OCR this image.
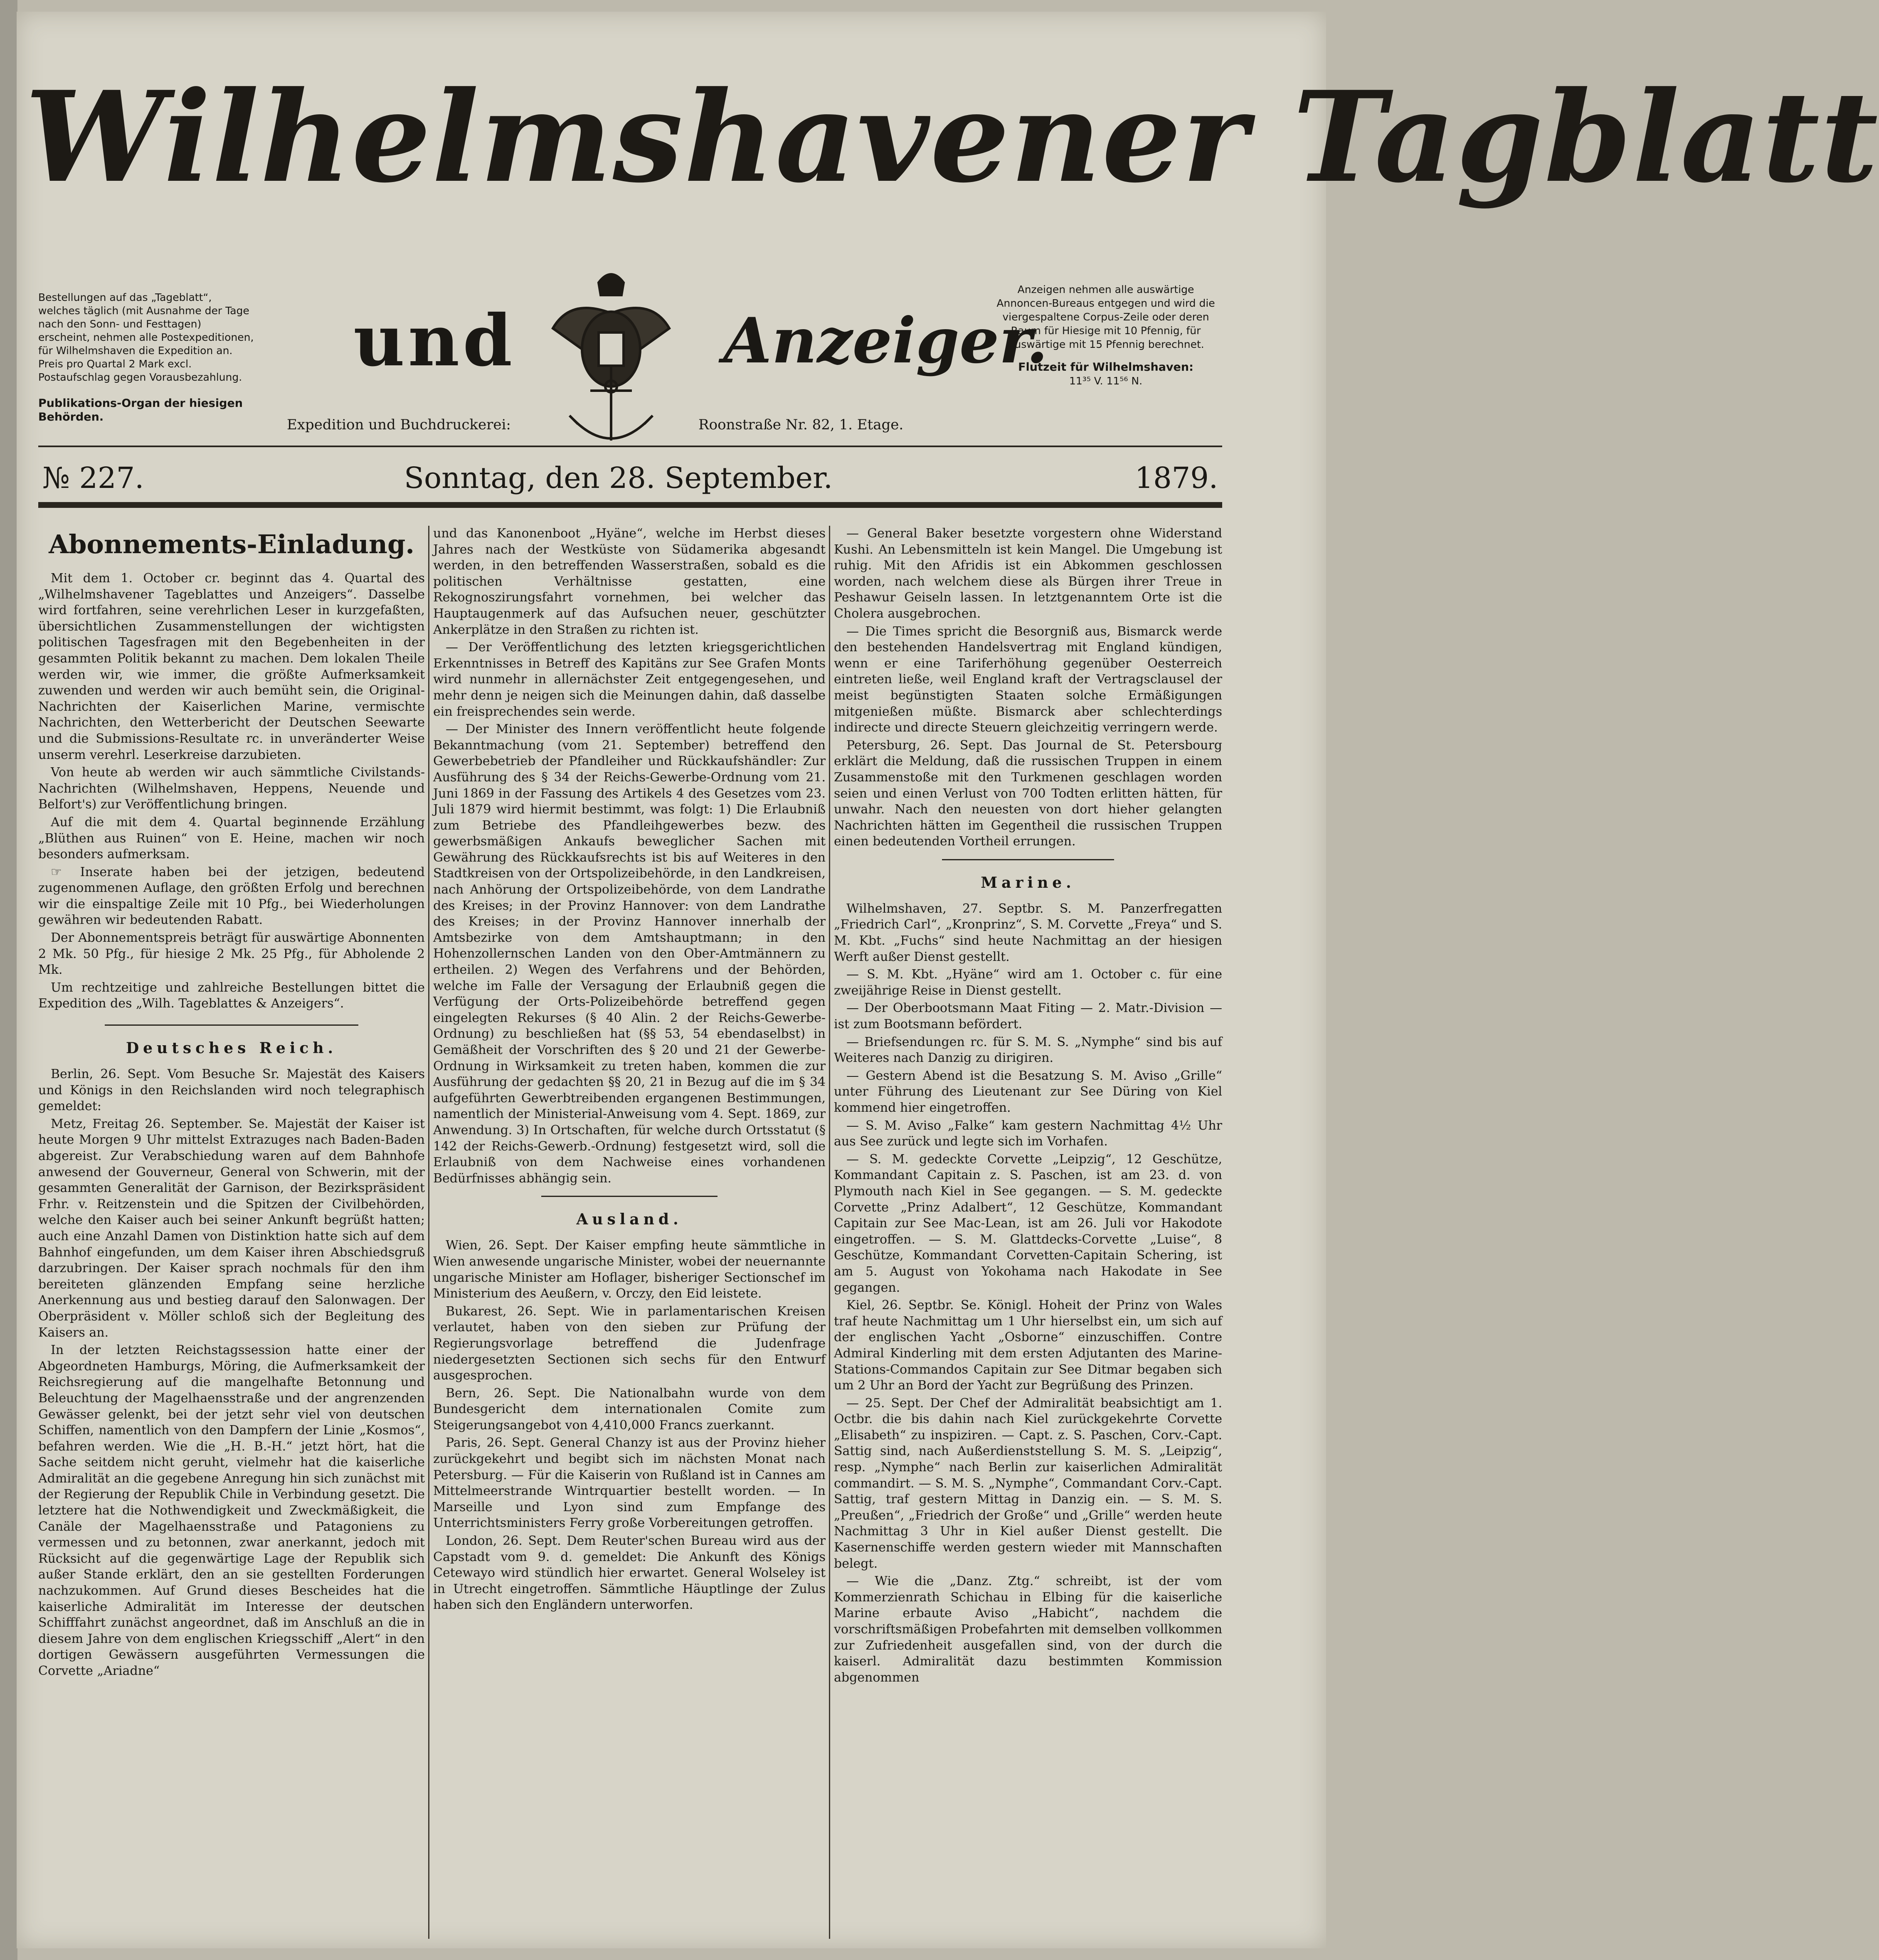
Wilhelmshavener Tagblatt
Bestellungen auf das „Tageblatt“, welches täglich (mit Ausnahme der Tage nach den Sonn- und Festtagen) erscheint, nehmen alle Postexpeditionen, für Wilhelmshaven die Expedition an. Preis pro Quartal 2 Mark excl. Postaufschlag gegen Vorausbezahlung.
Publikations-Organ der hiesigen Behörden.
und	Anzeiger.
Anzeigen nehmen alle auswärtige Annoncen-Bureaus entgegen und wird die viergespaltene Corpus-Zeile oder deren Raum für Hiesige mit 10 Pfennig, für Auswärtige mit 15 Pfennig berechnet.
Flutzeit für Wilhelmshaven:
11³⁵ V. 11⁵⁶ N.
Expedition und Buchdruckerei:	Roonstraße Nr. 82, 1. Etage.
№ 227.	Sonntag, den 28. September.	1879.
Abonnements-Einladung.

Mit dem 1. October cr. beginnt das 4. Quartal des „Wilhelmshavener Tageblattes und Anzeigers“. Dasselbe wird fortfahren, seine verehrlichen Leser in kurzgefaßten, übersichtlichen Zusammenstellungen der wichtigsten politischen Tagesfragen mit den Begebenheiten in der gesammten Politik bekannt zu machen. Dem lokalen Theile werden wir, wie immer, die größte Aufmerksamkeit zuwenden und werden wir auch bemüht sein, die Original-Nachrichten der Kaiserlichen Marine, vermischte Nachrichten, den Wetterbericht der Deutschen Seewarte und die Submissions-Resultate rc. in unveränderter Weise unserm verehrl. Leserkreise darzubieten.

Von heute ab werden wir auch sämmtliche Civilstands-Nachrichten (Wilhelmshaven, Heppens, Neuende und Belfort's) zur Veröffentlichung bringen.

Auf die mit dem 4. Quartal beginnende Erzählung „Blüthen aus Ruinen“ von E. Heine, machen wir noch besonders aufmerksam.

☞ Inserate haben bei der jetzigen, bedeutend zugenommenen Auflage, den größten Erfolg und berechnen wir die einspaltige Zeile mit 10 Pfg., bei Wiederholungen gewähren wir bedeutenden Rabatt.

Der Abonnementspreis beträgt für auswärtige Abonnenten 2 Mk. 50 Pfg., für hiesige 2 Mk. 25 Pfg., für Abholende 2 Mk.

Um rechtzeitige und zahlreiche Bestellungen bittet die Expedition des „Wilh. Tageblattes & Anzeigers“.

Deutsches Reich.

Berlin, 26. Sept. Vom Besuche Sr. Majestät des Kaisers und Königs in den Reichslanden wird noch telegraphisch gemeldet:

Metz, Freitag 26. September. Se. Majestät der Kaiser ist heute Morgen 9 Uhr mittelst Extrazuges nach Baden-Baden abgereist. Zur Verabschiedung waren auf dem Bahnhofe anwesend der Gouverneur, General von Schwerin, mit der gesammten Generalität der Garnison, der Bezirkspräsident Frhr. v. Reitzenstein und die Spitzen der Civilbehörden, welche den Kaiser auch bei seiner Ankunft begrüßt hatten; auch eine Anzahl Damen von Distinktion hatte sich auf dem Bahnhof eingefunden, um dem Kaiser ihren Abschiedsgruß darzubringen. Der Kaiser sprach nochmals für den ihm bereiteten glänzenden Empfang seine herzliche Anerkennung aus und bestieg darauf den Salonwagen. Der Oberpräsident v. Möller schloß sich der Begleitung des Kaisers an.

In der letzten Reichstagssession hatte einer der Abgeordneten Hamburgs, Möring, die Aufmerksamkeit der Reichsregierung auf die mangelhafte Betonnung und Beleuchtung der Magelhaensstraße und der angrenzenden Gewässer gelenkt, bei der jetzt sehr viel von deutschen Schiffen, namentlich von den Dampfern der Linie „Kosmos“, befahren werden. Wie die „H. B.-H.“ jetzt hört, hat die Sache seitdem nicht geruht, vielmehr hat die kaiserliche Admiralität an die gegebene Anregung hin sich zunächst mit der Regierung der Republik Chile in Verbindung gesetzt. Die letztere hat die Nothwendigkeit und Zweckmäßigkeit, die Canäle der Magelhaensstraße und Patagoniens zu vermessen und zu betonnen, zwar anerkannt, jedoch mit Rücksicht auf die gegenwärtige Lage der Republik sich außer Stande erklärt, den an sie gestellten Forderungen nachzukommen. Auf Grund dieses Bescheides hat die kaiserliche Admiralität im Interesse der deutschen Schifffahrt zunächst angeordnet, daß im Anschluß an die in diesem Jahre von dem englischen Kriegsschiff „Alert“ in den dortigen Gewässern ausgeführten Vermessungen die Corvette „Ariadne“

und das Kanonenboot „Hyäne“, welche im Herbst dieses Jahres nach der Westküste von Südamerika abgesandt werden, in den betreffenden Wasserstraßen, sobald es die politischen Verhältnisse gestatten, eine Rekognoszirungsfahrt vornehmen, bei welcher das Hauptaugenmerk auf das Aufsuchen neuer, geschützter Ankerplätze in den Straßen zu richten ist.

— Der Veröffentlichung des letzten kriegsgerichtlichen Erkenntnisses in Betreff des Kapitäns zur See Grafen Monts wird nunmehr in allernächster Zeit entgegengesehen, und mehr denn je neigen sich die Meinungen dahin, daß dasselbe ein freisprechendes sein werde.

— Der Minister des Innern veröffentlicht heute folgende Bekanntmachung (vom 21. September) betreffend den Gewerbebetrieb der Pfandleiher und Rückkaufshändler: Zur Ausführung des § 34 der Reichs-Gewerbe-Ordnung vom 21. Juni 1869 in der Fassung des Artikels 4 des Gesetzes vom 23. Juli 1879 wird hiermit bestimmt, was folgt: 1) Die Erlaubniß zum Betriebe des Pfandleihgewerbes bezw. des gewerbsmäßigen Ankaufs beweglicher Sachen mit Gewährung des Rückkaufsrechts ist bis auf Weiteres in den Stadtkreisen von der Ortspolizeibehörde, in den Landkreisen, nach Anhörung der Ortspolizeibehörde, von dem Landrathe des Kreises; in der Provinz Hannover: von dem Landrathe des Kreises; in der Provinz Hannover innerhalb der Amtsbezirke von dem Amtshauptmann; in den Hohenzollernschen Landen von den Ober-Amtmännern zu ertheilen. 2) Wegen des Verfahrens und der Behörden, welche im Falle der Versagung der Erlaubniß gegen die Verfügung der Orts-Polizeibehörde betreffend gegen eingelegten Rekurses (§ 40 Alin. 2 der Reichs-Gewerbe-Ordnung) zu beschließen hat (§§ 53, 54 ebendaselbst) in Gemäßheit der Vorschriften des § 20 und 21 der Gewerbe-Ordnung in Wirksamkeit zu treten haben, kommen die zur Ausführung der gedachten §§ 20, 21 in Bezug auf die im § 34 aufgeführten Gewerbtreibenden ergangenen Bestimmungen, namentlich der Ministerial-Anweisung vom 4. Sept. 1869, zur Anwendung. 3) In Ortschaften, für welche durch Ortsstatut (§ 142 der Reichs-Gewerb.-Ordnung) festgesetzt wird, soll die Erlaubniß von dem Nachweise eines vorhandenen Bedürfnisses abhängig sein.

Ausland.

Wien, 26. Sept. Der Kaiser empfing heute sämmtliche in Wien anwesende ungarische Minister, wobei der neuernannte ungarische Minister am Hoflager, bisheriger Sectionschef im Ministerium des Aeußern, v. Orczy, den Eid leistete.

Bukarest, 26. Sept. Wie in parlamentarischen Kreisen verlautet, haben von den sieben zur Prüfung der Regierungsvorlage betreffend die Judenfrage niedergesetzten Sectionen sich sechs für den Entwurf ausgesprochen.

Bern, 26. Sept. Die Nationalbahn wurde von dem Bundesgericht dem internationalen Comite zum Steigerungsangebot von 4,410,000 Francs zuerkannt.

Paris, 26. Sept. General Chanzy ist aus der Provinz hieher zurückgekehrt und begibt sich im nächsten Monat nach Petersburg. — Für die Kaiserin von Rußland ist in Cannes am Mittelmeerstrande Wintrquartier bestellt worden. — In Marseille und Lyon sind zum Empfange des Unterrichtsministers Ferry große Vorbereitungen getroffen.

London, 26. Sept. Dem Reuter'schen Bureau wird aus der Capstadt vom 9. d. gemeldet: Die Ankunft des Königs Cetewayo wird stündlich hier erwartet. General Wolseley ist in Utrecht eingetroffen. Sämmtliche Häuptlinge der Zulus haben sich den Engländern unterworfen.

— General Baker besetzte vorgestern ohne Widerstand Kushi. An Lebensmitteln ist kein Mangel. Die Umgebung ist ruhig. Mit den Afridis ist ein Abkommen geschlossen worden, nach welchem diese als Bürgen ihrer Treue in Peshawur Geiseln lassen. In letztgenanntem Orte ist die Cholera ausgebrochen.

— Die Times spricht die Besorgniß aus, Bismarck werde den bestehenden Handelsvertrag mit England kündigen, wenn er eine Tariferhöhung gegenüber Oesterreich eintreten ließe, weil England kraft der Vertragsclausel der meist begünstigten Staaten solche Ermäßigungen mitgenießen müßte. Bismarck aber schlechterdings indirecte und directe Steuern gleichzeitig verringern werde.

Petersburg, 26. Sept. Das Journal de St. Petersbourg erklärt die Meldung, daß die russischen Truppen in einem Zusammenstoße mit den Turkmenen geschlagen worden seien und einen Verlust von 700 Todten erlitten hätten, für unwahr. Nach den neuesten von dort hieher gelangten Nachrichten hätten im Gegentheil die russischen Truppen einen bedeutenden Vortheil errungen.

Marine.

Wilhelmshaven, 27. Septbr. S. M. Panzerfregatten „Friedrich Carl“, „Kronprinz“, S. M. Corvette „Freya“ und S. M. Kbt. „Fuchs“ sind heute Nachmittag an der hiesigen Werft außer Dienst gestellt.

— S. M. Kbt. „Hyäne“ wird am 1. October c. für eine zweijährige Reise in Dienst gestellt.

— Der Oberbootsmann Maat Fiting — 2. Matr.-Division — ist zum Bootsmann befördert.

— Briefsendungen rc. für S. M. S. „Nymphe“ sind bis auf Weiteres nach Danzig zu dirigiren.

— Gestern Abend ist die Besatzung S. M. Aviso „Grille“ unter Führung des Lieutenant zur See Düring von Kiel kommend hier eingetroffen.

— S. M. Aviso „Falke“ kam gestern Nachmittag 4½ Uhr aus See zurück und legte sich im Vorhafen.

— S. M. gedeckte Corvette „Leipzig“, 12 Geschütze, Kommandant Capitain z. S. Paschen, ist am 23. d. von Plymouth nach Kiel in See gegangen. — S. M. gedeckte Corvette „Prinz Adalbert“, 12 Geschütze, Kommandant Capitain zur See Mac-Lean, ist am 26. Juli vor Hakodote eingetroffen. — S. M. Glattdecks-Corvette „Luise“, 8 Geschütze, Kommandant Corvetten-Capitain Schering, ist am 5. August von Yokohama nach Hakodate in See gegangen.

Kiel, 26. Septbr. Se. Königl. Hoheit der Prinz von Wales traf heute Nachmittag um 1 Uhr hierselbst ein, um sich auf der englischen Yacht „Osborne“ einzuschiffen. Contre Admiral Kinderling mit dem ersten Adjutanten des Marine-Stations-Commandos Capitain zur See Ditmar begaben sich um 2 Uhr an Bord der Yacht zur Begrüßung des Prinzen.

— 25. Sept. Der Chef der Admiralität beabsichtigt am 1. Octbr. die bis dahin nach Kiel zurückgekehrte Corvette „Elisabeth“ zu inspiziren. — Capt. z. S. Paschen, Corv.-Capt. Sattig sind, nach Außerdienststellung S. M. S. „Leipzig“, resp. „Nymphe“ nach Berlin zur kaiserlichen Admiralität commandirt. — S. M. S. „Nymphe“, Commandant Corv.-Capt. Sattig, traf gestern Mittag in Danzig ein. — S. M. S. „Preußen“, „Friedrich der Große“ und „Grille“ werden heute Nachmittag 3 Uhr in Kiel außer Dienst gestellt. Die Kasernenschiffe werden gestern wieder mit Mannschaften belegt.

— Wie die „Danz. Ztg.“ schreibt, ist der vom Kommerzienrath Schichau in Elbing für die kaiserliche Marine erbaute Aviso „Habicht“, nachdem die vorschriftsmäßigen Probefahrten mit demselben vollkommen zur Zufriedenheit ausgefallen sind, von der durch die kaiserl. Admiralität dazu bestimmten Kommission abgenommen
